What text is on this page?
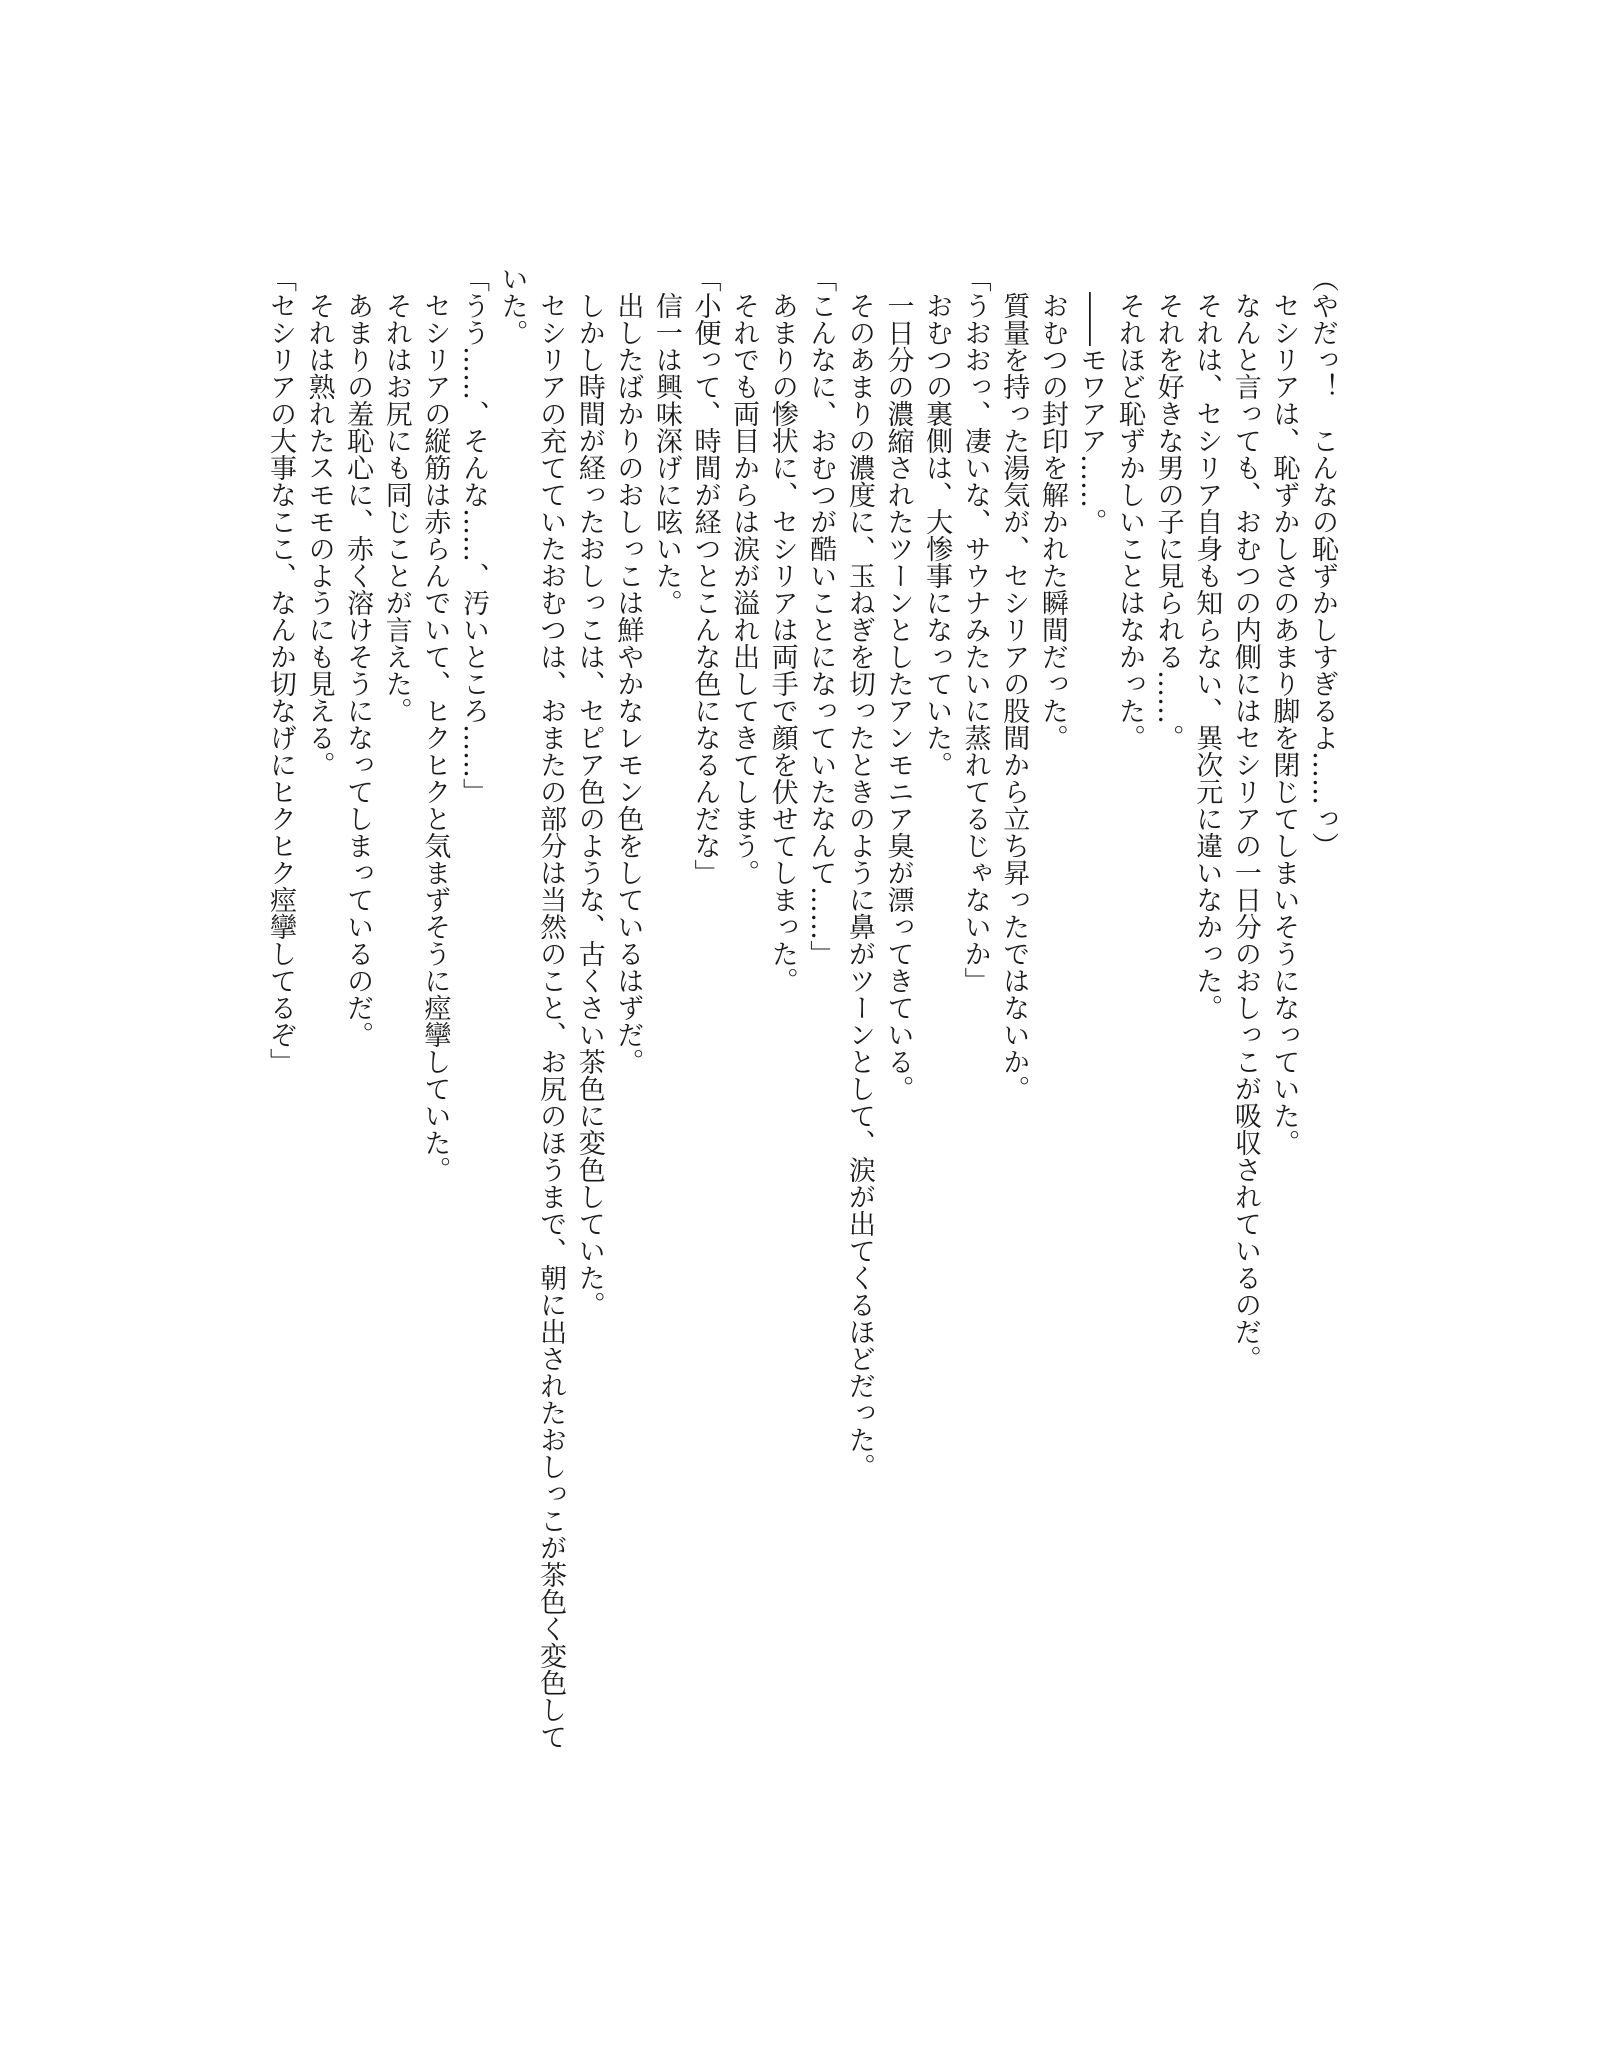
（やだっ！　こんなの恥ずかしすぎるよ……っ）

セシリアは、恥ずかしさのあまり脚を閉じてしまいそうになっていた。

なんと言っても、おむつの内側にはセシリアの一日分のおしっこが吸収されているのだ。

それは、セシリア自身も知らない、異次元に違いなかった。

それを好きな男の子に見られる……。

それほど恥ずかしいことはなかった。

――モワアア……。

おむつの封印を解かれた瞬間だった。

質量を持った湯気が、セシリアの股間から立ち昇ったではないか。

「うおおっ、凄いな、サウナみたいに蒸れてるじゃないか」

おむつの裏側は、大惨事になっていた。

一日分の濃縮されたツーンとしたアンモニア臭が漂ってきている。

そのあまりの濃度に、玉ねぎを切ったときのように鼻がツーンとして、涙が出てくるほどだった。

「こんなに、おむつが酷いことになっていたなんて……」

あまりの惨状に、セシリアは両手で顔を伏せてしまった。

それでも両目からは涙が溢れ出してきてしまう。

「小便って、時間が経つとこんな色になるんだな」

信一は興味深げに呟いた。

出したばかりのおしっこは鮮やかなレモン色をしているはずだ。

しかし時間が経ったおしっこは、セピア色のような、古くさい茶色に変色していた。

セシリアの充てていたおむつは、おまたの部分は当然のこと、お尻のほうまで、朝に出されたおしっこが茶色く変色していた。

「うう……、そんな……、汚いところ……」

セシリアの縦筋は赤らんでいて、ヒクヒクと気まずそうに痙攣していた。

それはお尻にも同じことが言えた。

あまりの羞恥心に、赤く溶けそうになってしまっているのだ。

それは熟れたスモモのようにも見える。

「セシリアの大事なここ、なんか切なげにヒクヒク痙攣してるぞ」
